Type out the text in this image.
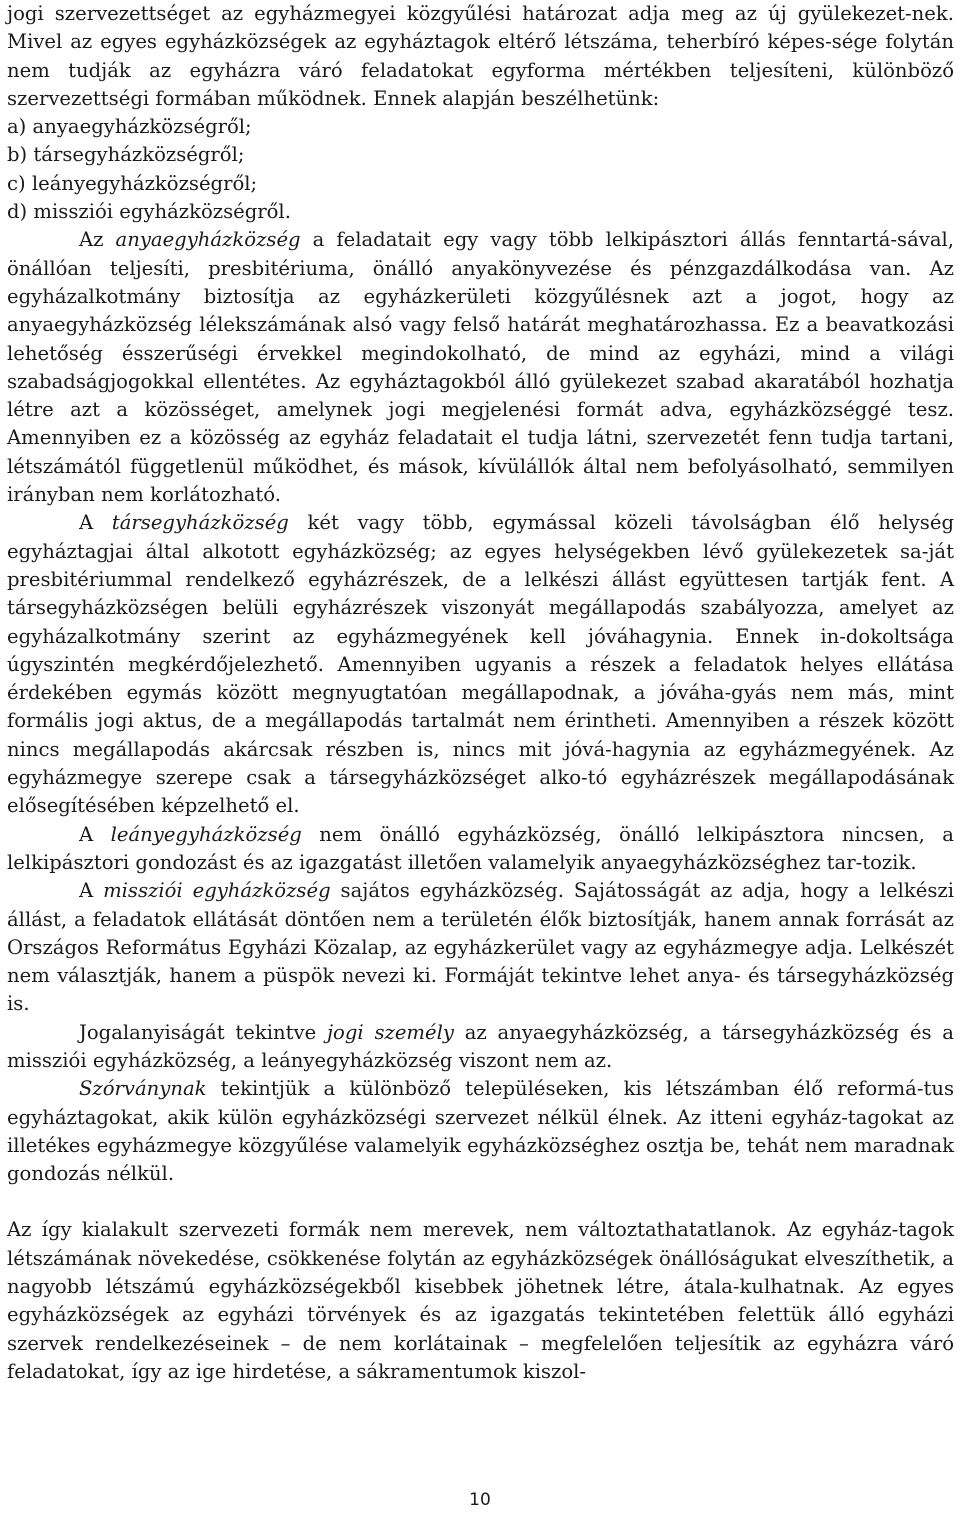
jogi szervezettséget az egyházmegyei közgyűlési határozat adja meg az új gyülekezet-nek. Mivel az egyes egyházközségek az egyháztagok eltérő létszáma, teherbíró képes-sége folytán nem tudják az egyházra váró feladatokat egyforma mértékben teljesíteni, különböző szervezettségi formában működnek. Ennek alapján beszélhetünk:

a) anyaegyházközségről;

b) társegyházközségről;

c) leányegyházközségről;

d) missziói egyházközségről.

Az anyaegyházközség a feladatait egy vagy több lelkipásztori állás fenntartá-sával, önállóan teljesíti, presbitériuma, önálló anyakönyvezése és pénzgazdálkodása van. Az egyházalkotmány biztosítja az egyházkerületi közgyűlésnek azt a jogot, hogy az anyaegyházközség lélekszámának alsó vagy felső határát meghatározhassa. Ez a beavatkozási lehetőség ésszerűségi érvekkel megindokolható, de mind az egyházi, mind a világi szabadságjogokkal ellentétes. Az egyháztagokból álló gyülekezet szabad akaratából hozhatja létre azt a közösséget, amelynek jogi megjelenési formát adva, egyházközséggé tesz. Amennyiben ez a közösség az egyház feladatait el tudja látni, szervezetét fenn tudja tartani, létszámától függetlenül működhet, és mások, kívülállók által nem befolyásolható, semmilyen irányban nem korlátozható.

A társegyházközség két vagy több, egymással közeli távolságban élő helység egyháztagjai által alkotott egyházközség; az egyes helységekben lévő gyülekezetek sa-ját presbitériummal rendelkező egyházrészek, de a lelkészi állást együttesen tartják fent. A társegyházközségen belüli egyházrészek viszonyát megállapodás szabályozza, amelyet az egyházalkotmány szerint az egyházmegyének kell jóváhagynia. Ennek in-dokoltsága úgyszintén megkérdőjelezhető. Amennyiben ugyanis a részek a feladatok helyes ellátása érdekében egymás között megnyugtatóan megállapodnak, a jóváha-gyás nem más, mint formális jogi aktus, de a megállapodás tartalmát nem érintheti. Amennyiben a részek között nincs megállapodás akárcsak részben is, nincs mit jóvá-hagynia az egyházmegyének. Az egyházmegye szerepe csak a társegyházközséget alko-tó egyházrészek megállapodásának elősegítésében képzelhető el.

A leányegyházközség nem önálló egyházközség, önálló lelkipásztora nincsen, a lelkipásztori gondozást és az igazgatást illetően valamelyik anyaegyházközséghez tar-tozik.

A missziói egyházközség sajátos egyházközség. Sajátosságát az adja, hogy a lelkészi állást, a feladatok ellátását döntően nem a területén élők biztosítják, hanem annak forrását az Országos Református Egyházi Közalap, az egyházkerület vagy az egyházmegye adja. Lelkészét nem választják, hanem a püspök nevezi ki. Formáját tekintve lehet anya- és társegyházközség is.

Jogalanyiságát tekintve jogi személy az anyaegyházközség, a társegyházközség és a missziói egyházközség, a leányegyházközség viszont nem az.

Szórványnak tekintjük a különböző településeken, kis létszámban élő reformá-tus egyháztagokat, akik külön egyházközségi szervezet nélkül élnek. Az itteni egyház-tagokat az illetékes egyházmegye közgyűlése valamelyik egyházközséghez osztja be, tehát nem maradnak gondozás nélkül.

Az így kialakult szervezeti formák nem merevek, nem változtathatatlanok. Az egyház-tagok létszámának növekedése, csökkenése folytán az egyházközségek önállóságukat elveszíthetik, a nagyobb létszámú egyházközségekből kisebbek jöhetnek létre, átala-kulhatnak. Az egyes egyházközségek az egyházi törvények és az igazgatás tekintetében felettük álló egyházi szervek rendelkezéseinek – de nem korlátainak – megfelelően teljesítik az egyházra váró feladatokat, így az ige hirdetése, a sákramentumok kiszol-

10
